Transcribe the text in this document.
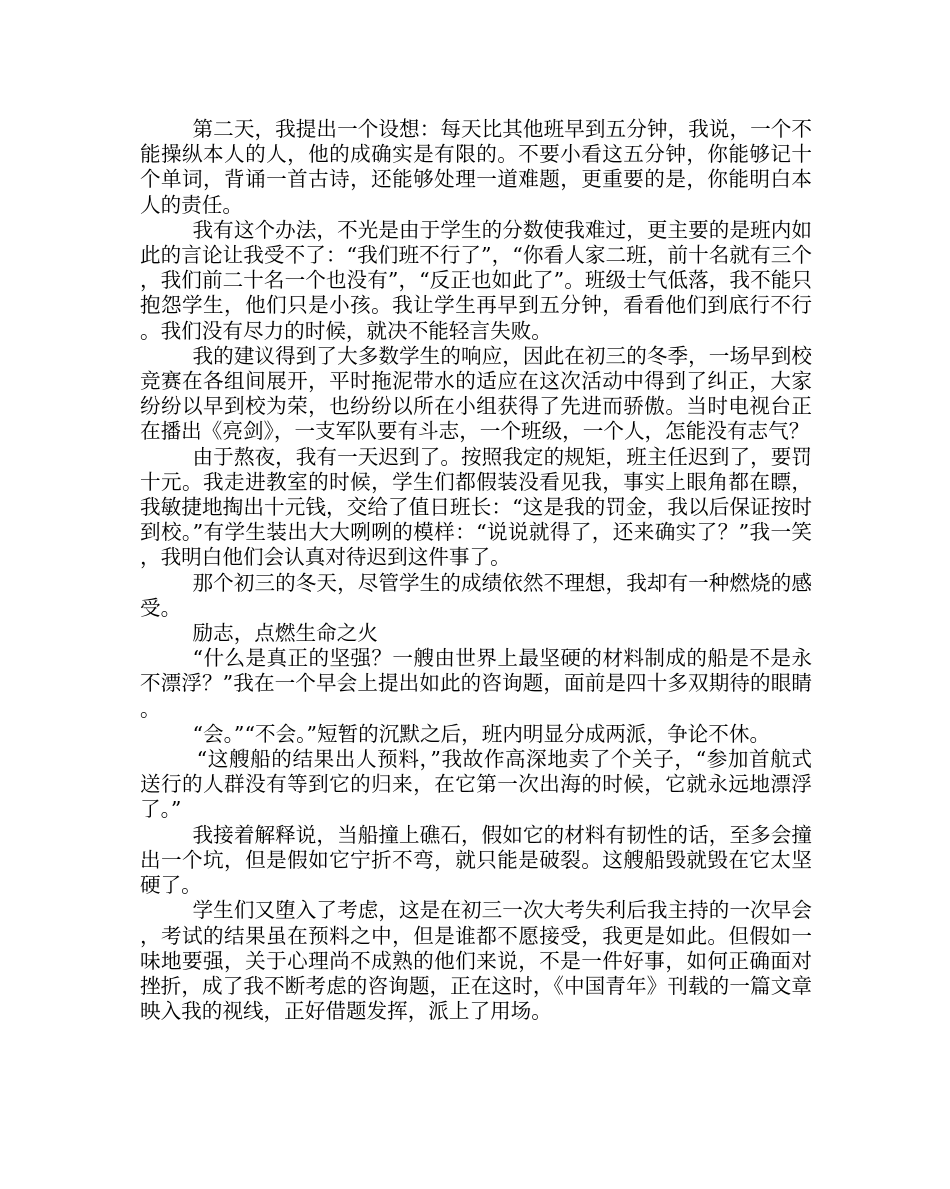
第二天，我提出一个设想：每天比其他班早到五分钟，我说，一个不能操纵本人的人，他的成确实是有限的。不要小看这五分钟，你能够记十个单词，背诵一首古诗，还能够处理一道难题，更重要的是，你能明白本人的责任。

我有这个办法，不光是由于学生的分数使我难过，更主要的是班内如此的言论让我受不了：“我们班不行了”，“你看人家二班，前十名就有三个，我们前二十名一个也没有”，“反正也如此了”。班级士气低落，我不能只抱怨学生，他们只是小孩。我让学生再早到五分钟，看看他们到底行不行。我们没有尽力的时候，就决不能轻言失败。

我的建议得到了大多数学生的响应，因此在初三的冬季，一场早到校竞赛在各组间展开，平时拖泥带水的适应在这次活动中得到了纠正，大家纷纷以早到校为荣，也纷纷以所在小组获得了先进而骄傲。当时电视台正在播出《亮剑》，一支军队要有斗志，一个班级，一个人，怎能没有志气？

由于熬夜，我有一天迟到了。按照我定的规矩，班主任迟到了，要罚十元。我走进教室的时候，学生们都假装没看见我，事实上眼角都在瞟，我敏捷地掏出十元钱，交给了值日班长：“这是我的罚金，我以后保证按时到校。”有学生装出大大咧咧的模样：“说说就得了，还来确实了？”我一笑，我明白他们会认真对待迟到这件事了。

那个初三的冬天，尽管学生的成绩依然不理想，我却有一种燃烧的感受。

励志，点燃生命之火

“什么是真正的坚强？一艘由世界上最坚硬的材料制成的船是不是永不漂浮？”我在一个早会上提出如此的咨询题，面前是四十多双期待的眼睛。

“会。”“不会。”短暂的沉默之后，班内明显分成两派，争论不休。

“这艘船的结果出人预料，”我故作高深地卖了个关子，“参加首航式送行的人群没有等到它的归来，在它第一次出海的时候，它就永远地漂浮了。”

我接着解释说，当船撞上礁石，假如它的材料有韧性的话，至多会撞出一个坑，但是假如它宁折不弯，就只能是破裂。这艘船毁就毁在它太坚硬了。

学生们又堕入了考虑，这是在初三一次大考失利后我主持的一次早会，考试的结果虽在预料之中，但是谁都不愿接受，我更是如此。但假如一味地要强，关于心理尚不成熟的他们来说，不是一件好事，如何正确面对挫折，成了我不断考虑的咨询题，正在这时，《中国青年》刊载的一篇文章映入我的视线，正好借题发挥，派上了用场。
